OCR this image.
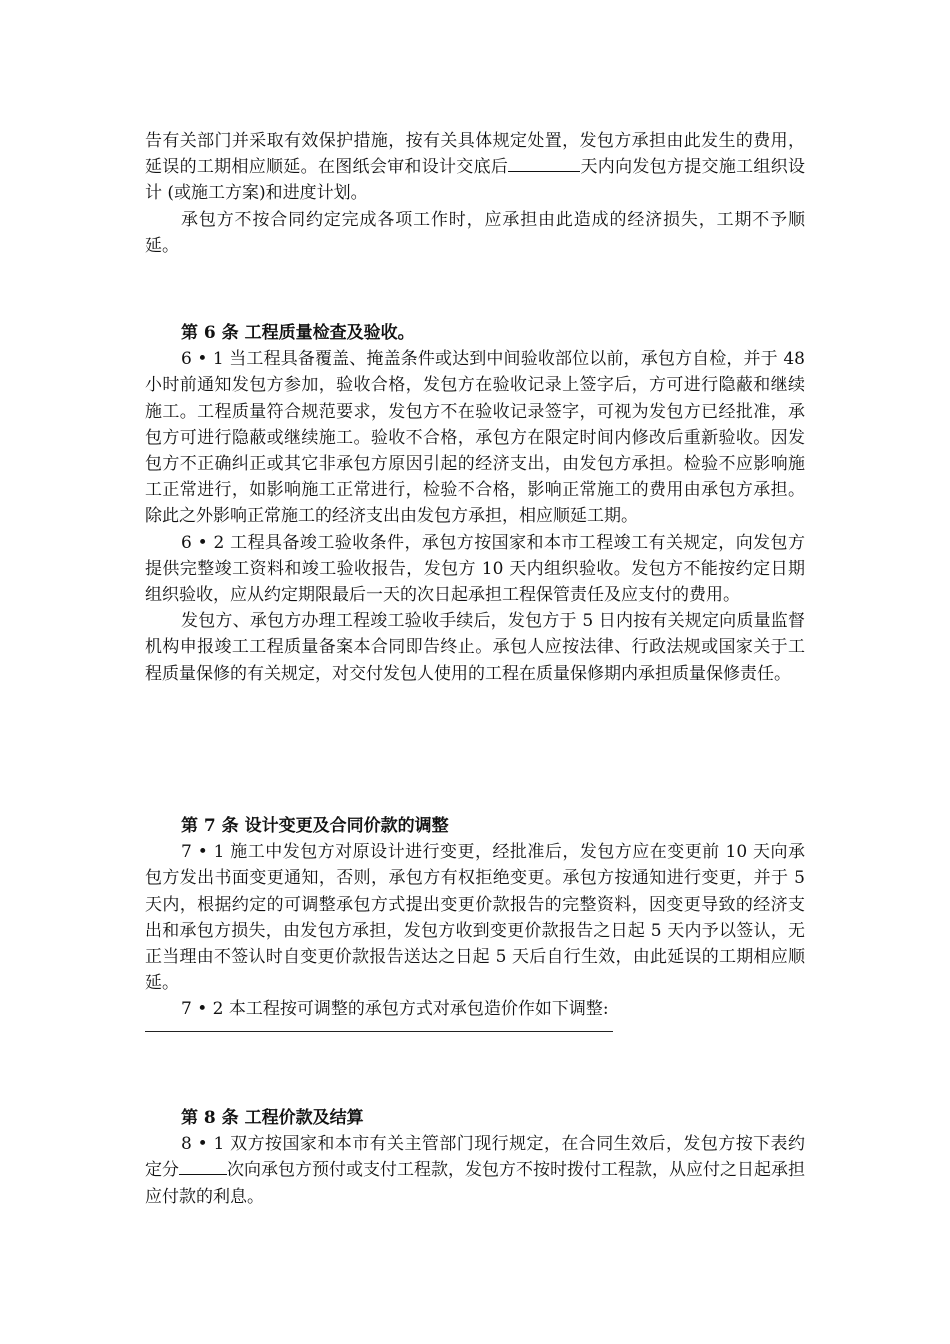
告有关部门并采取有效保护措施，按有关具体规定处置，发包方承担由此发生的费用，延误的工期相应顺延。在图纸会审和设计交底后	天内向发包方提交施工组织设计 (或施工方案)和进度计划。

承包方不按合同约定完成各项工作时，应承担由此造成的经济损失，工期不予顺延。

第 6 条 工程质量检查及验收。

6 • 1 当工程具备覆盖、掩盖条件或达到中间验收部位以前，承包方自检，并于 48 小时前通知发包方参加，验收合格，发包方在验收记录上签字后，方可进行隐蔽和继续施工。工程质量符合规范要求，发包方不在验收记录签字，可视为发包方已经批准，承包方可进行隐蔽或继续施工。验收不合格，承包方在限定时间内修改后重新验收。因发包方不正确纠正或其它非承包方原因引起的经济支出，由发包方承担。检验不应影响施工正常进行，如影响施工正常进行，检验不合格，影响正常施工的费用由承包方承担。除此之外影响正常施工的经济支出由发包方承担，相应顺延工期。

6 • 2 工程具备竣工验收条件，承包方按国家和本市工程竣工有关规定，向发包方提供完整竣工资料和竣工验收报告，发包方 10 天内组织验收。发包方不能按约定日期组织验收，应从约定期限最后一天的次日起承担工程保管责任及应支付的费用。

发包方、承包方办理工程竣工验收手续后，发包方于 5 日内按有关规定向质量监督机构申报竣工工程质量备案本合同即告终止。承包人应按法律、行政法规或国家关于工程质量保修的有关规定，对交付发包人使用的工程在质量保修期内承担质量保修责任。

第 7 条 设计变更及合同价款的调整

7 • 1 施工中发包方对原设计进行变更，经批准后，发包方应在变更前 10 天向承包方发出书面变更通知，否则，承包方有权拒绝变更。承包方按通知进行变更，并于 5 天内，根据约定的可调整承包方式提出变更价款报告的完整资料，因变更导致的经济支出和承包方损失，由发包方承担，发包方收到变更价款报告之日起 5 天内予以签认，无正当理由不签认时自变更价款报告送达之日起 5 天后自行生效，由此延误的工期相应顺延。

7 • 2 本工程按可调整的承包方式对承包造价作如下调整:

第 8 条 工程价款及结算

8 • 1 双方按国家和本市有关主管部门现行规定，在合同生效后，发包方按下表约定分	次向承包方预付或支付工程款，发包方不按时拨付工程款，从应付之日起承担应付款的利息。
